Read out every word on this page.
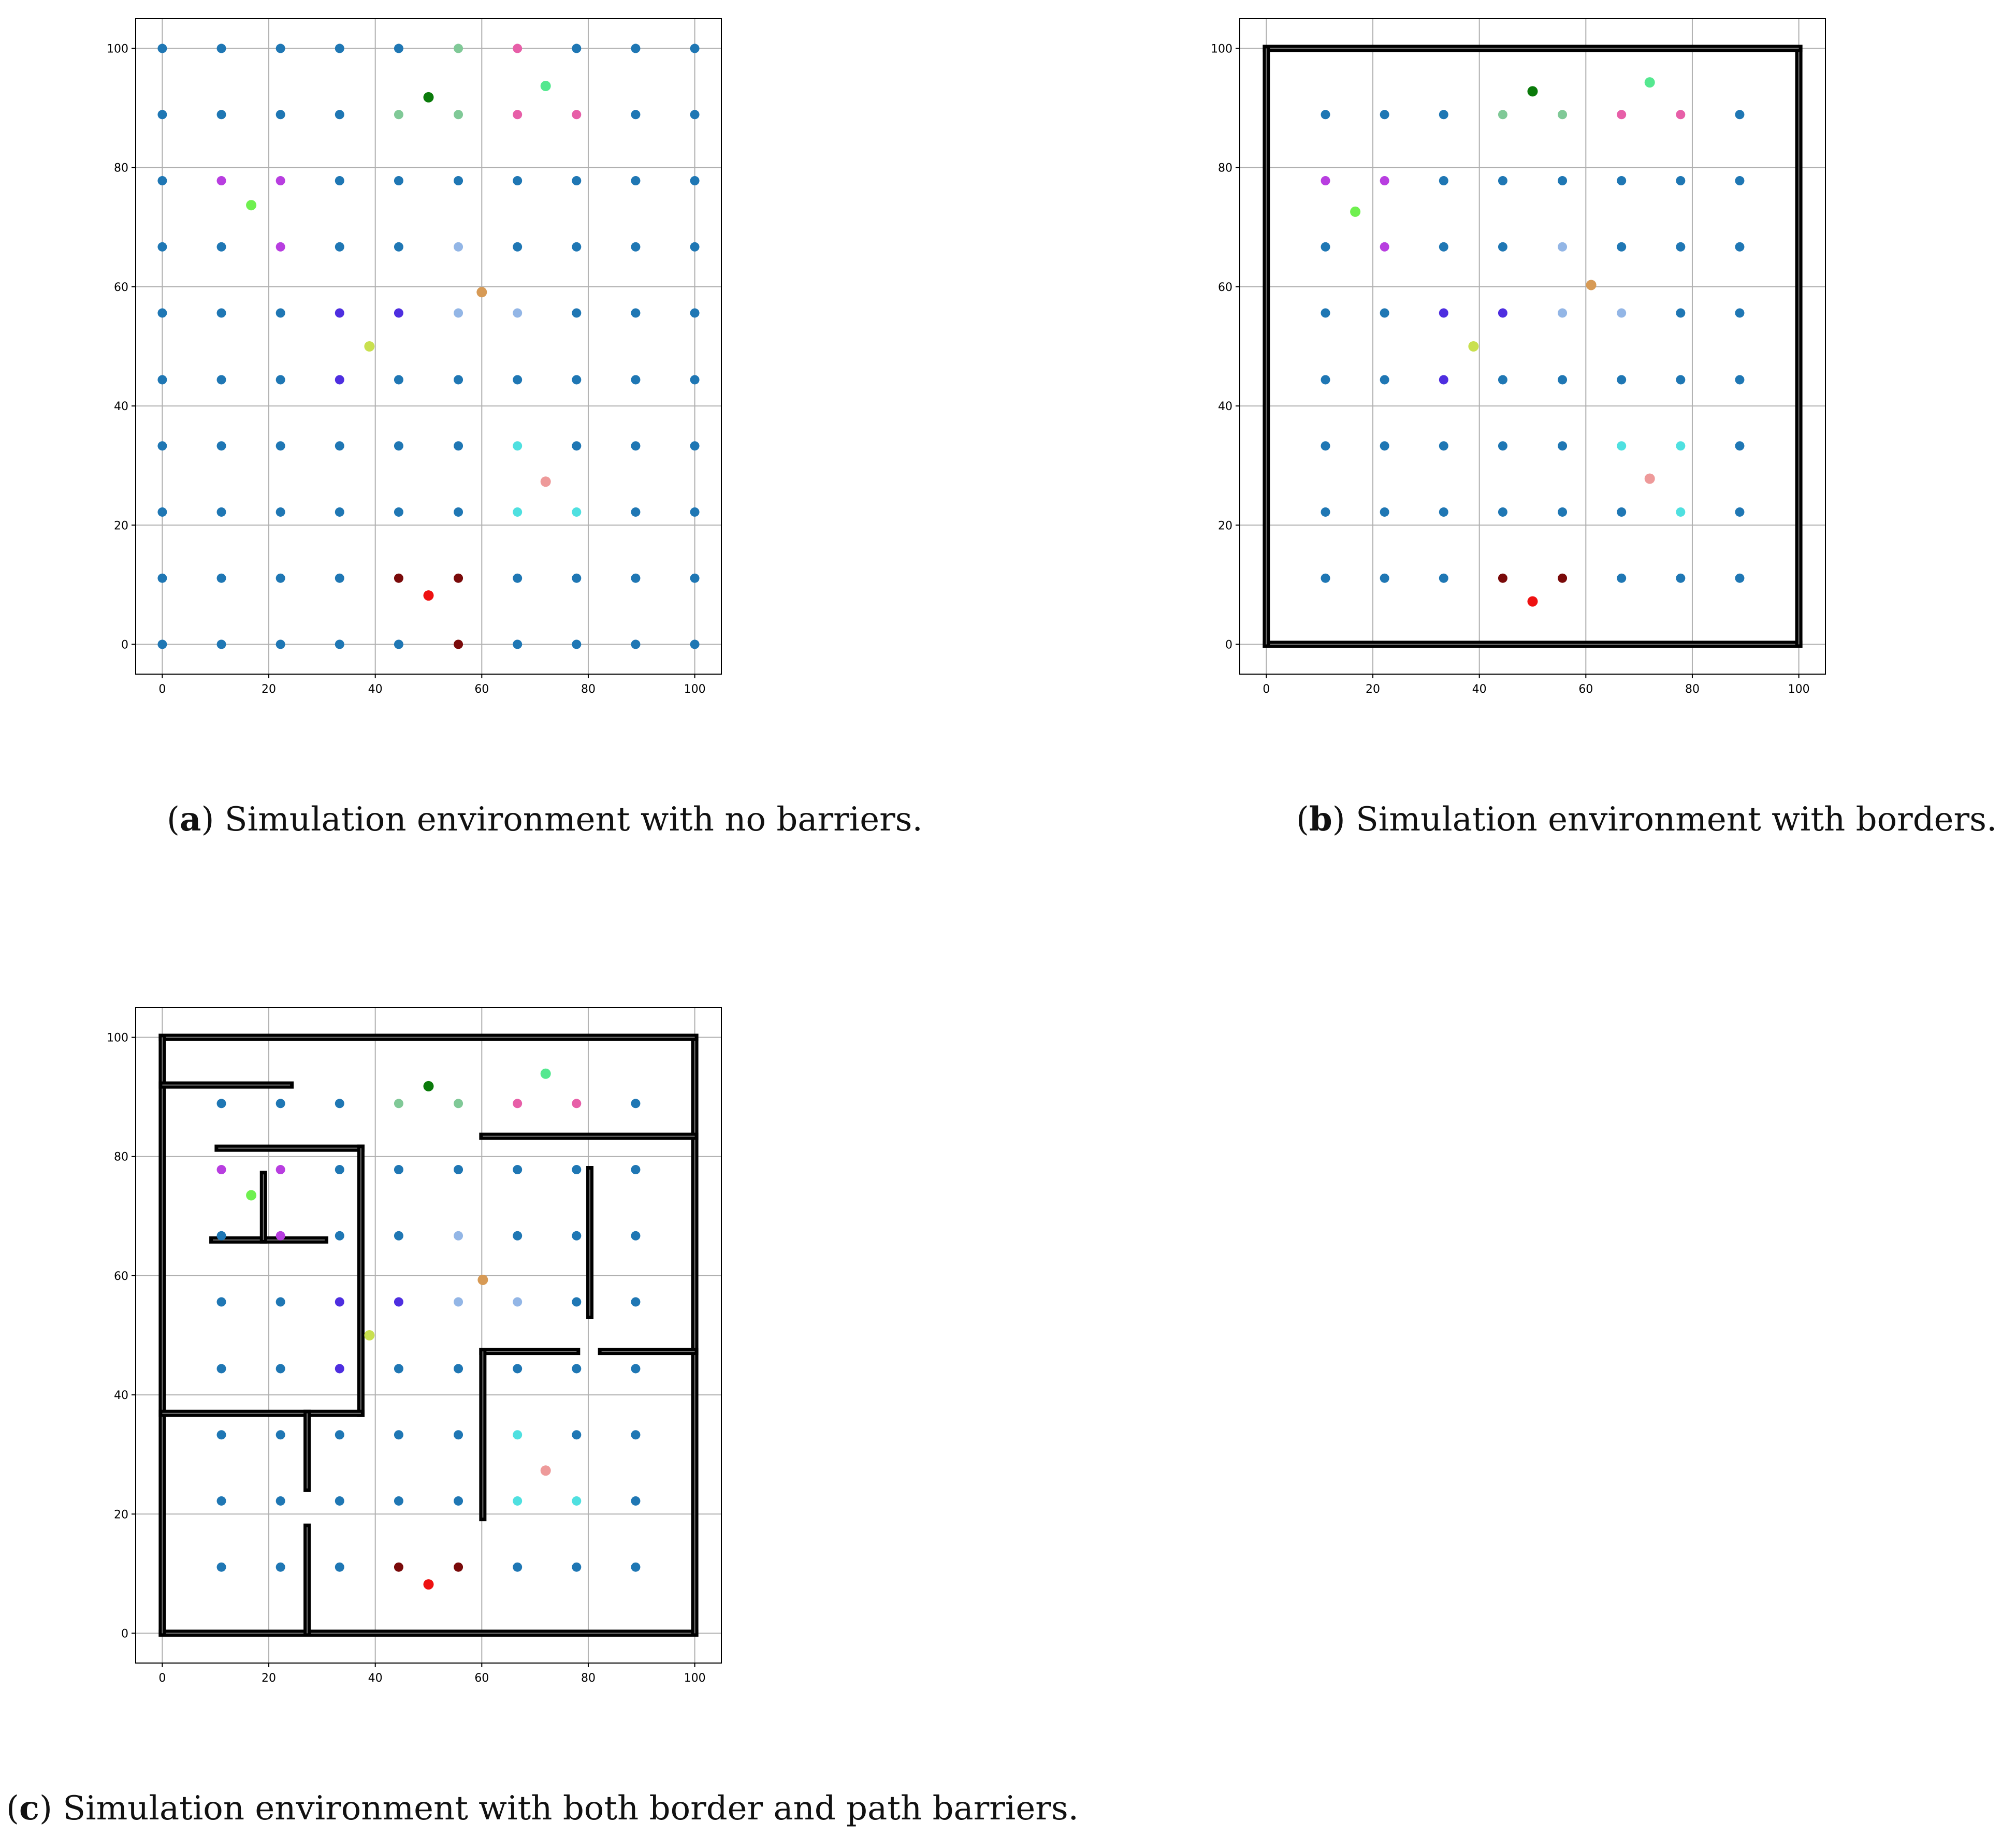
0	20	40	60	80	100
0
20
40
60
80
100
(a) Simulation environment with no barriers.
0	20	40	60	80	100
0
20
40
60
80
100
(b) Simulation environment with borders.
0	20	40	60	80	100
0
20
40
60
80
100
(c) Simulation environment with both border and path barriers.
